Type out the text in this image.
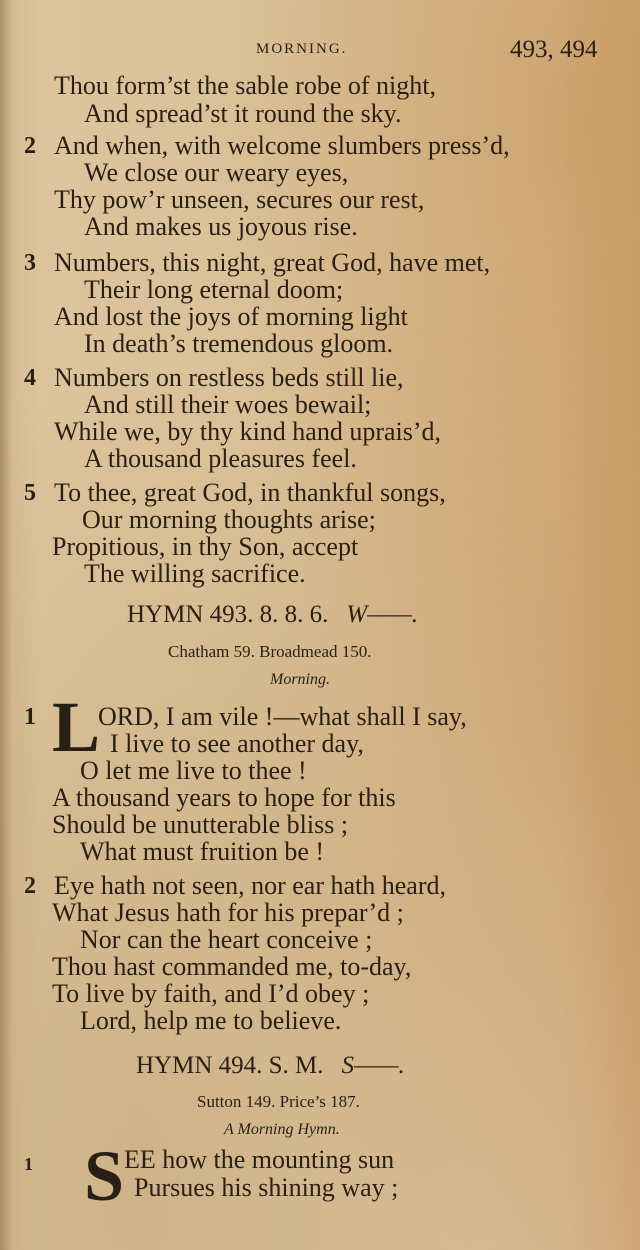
MORNING.	493, 494
Thou form’st the sable robe of night,
And spread’st it round the sky.
2 And when, with welcome slumbers press’d,
We close our weary eyes,
Thy pow’r unseen, secures our rest,
And makes us joyous rise.
3 Numbers, this night, great God, have met,
Their long eternal doom;
And lost the joys of morning light
In death’s tremendous gloom.
4 Numbers on restless beds still lie,
And still their woes bewail;
While we, by thy kind hand uprais’d,
A thousand pleasures feel.
5 To thee, great God, in thankful songs,
Our morning thoughts arise;
Propitious, in thy Son, accept
The willing sacrifice.
HYMN 493. 8. 8. 6. W——.
Chatham 59. Broadmead 150.
Morning.
1 L
ORD, I am vile !—what shall I say,
I live to see another day,
O let me live to thee !
A thousand years to hope for this
Should be unutterable bliss ;
What must fruition be !
2 Eye hath not seen, nor ear hath heard,
What Jesus hath for his prepar’d ;
Nor can the heart conceive ;
Thou hast commanded me, to-day,
To live by faith, and I’d obey ;
Lord, help me to believe.
HYMN 494. S. M. S——.
Sutton 149. Price’s 187.
A Morning Hymn.
1 S EE how the mounting sun
Pursues his shining way ;
